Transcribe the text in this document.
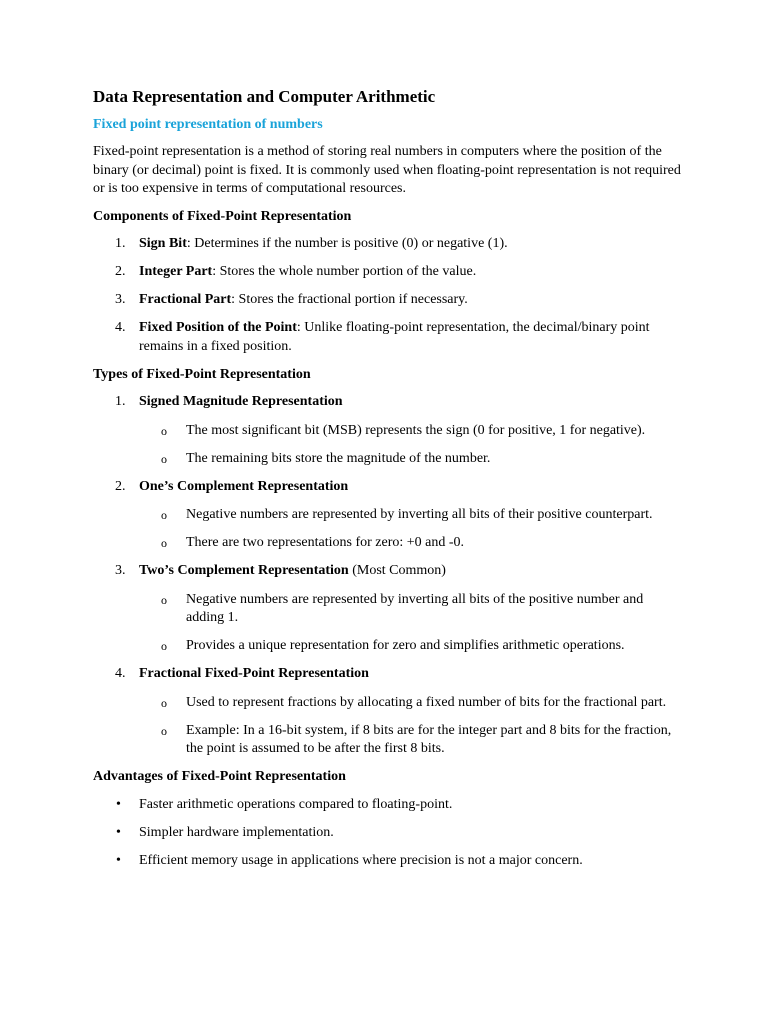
Data Representation and Computer Arithmetic
Fixed point representation of numbers

Fixed-point representation is a method of storing real numbers in computers where the position of the binary (or decimal) point is fixed. It is commonly used when floating-point representation is not required or is too expensive in terms of computational resources.

Components of Fixed-Point Representation
1. Sign Bit: Determines if the number is positive (0) or negative (1).
2. Integer Part: Stores the whole number portion of the value.
3. Fractional Part: Stores the fractional portion if necessary.
4. Fixed Position of the Point: Unlike floating-point representation, the decimal/binary point remains in a fixed position.
Types of Fixed-Point Representation
1. Signed Magnitude Representation
o The most significant bit (MSB) represents the sign (0 for positive, 1 for negative).
o The remaining bits store the magnitude of the number.
2. One’s Complement Representation
o Negative numbers are represented by inverting all bits of their positive counterpart.
o There are two representations for zero: +0 and -0.
3. Two’s Complement Representation (Most Common)
o Negative numbers are represented by inverting all bits of the positive number and adding 1.
o Provides a unique representation for zero and simplifies arithmetic operations.
4. Fractional Fixed-Point Representation
o Used to represent fractions by allocating a fixed number of bits for the fractional part.
o Example: In a 16-bit system, if 8 bits are for the integer part and 8 bits for the fraction, the point is assumed to be after the first 8 bits.
Advantages of Fixed-Point Representation
• Faster arithmetic operations compared to floating-point.
• Simpler hardware implementation.
• Efficient memory usage in applications where precision is not a major concern.
